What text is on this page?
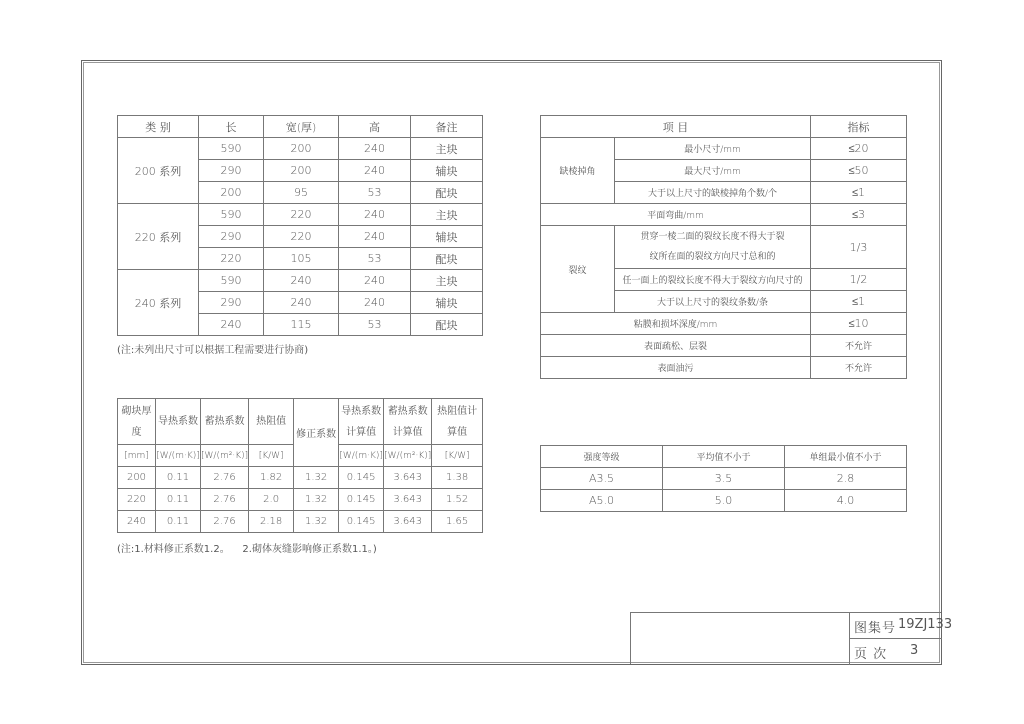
类 别	长	宽(厚)	高	备注
200 系列	590	200	240	主块
	290	200	240	辅块
	200	95	53	配块
220 系列	590	220	240	主块
	290	220	240	辅块
	220	105	53	配块
240 系列	590	240	240	主块
	290	240	240	辅块
	240	115	53	配块
(注:未列出尺寸可以根据工程需要进行协商)
项 目		指标
缺棱掉角	最小尺寸/mm	≤20
	最大尺寸/mm	≤50
	大于以上尺寸的缺棱掉角个数/个	≤1
平面弯曲/mm		≤3
裂纹	贯穿一棱二面的裂纹长度不得大于裂纹所在面的裂纹方向尺寸总和的	1/3
	任一面上的裂纹长度不得大于裂纹方向尺寸的	1/2
	大于以上尺寸的裂纹条数/条	≤1
粘膜和损坏深度/mm		≤10
表面疏松、层裂		不允许
表面油污		不允许
砌块厚度	导热系数	蓄热系数	热阻值	修正系数	导热系数计算值	蓄热系数计算值	热阻值计算值
[mm]	[W/(m·K)]	[W/(m²·K)]	[K/W]		[W/(m·K)]	[W/(m²·K)]	[K/W]
200	0.11	2.76	1.82	1.32	0.145	3.643	1.38
220	0.11	2.76	2.0	1.32	0.145	3.643	1.52
240	0.11	2.76	2.18	1.32	0.145	3.643	1.65
(注:1.材料修正系数1.2。    2.砌体灰缝影响修正系数1.1。)
强度等级	平均值不小于	单组最小值不小于
A3.5	3.5	2.8
A5.0	5.0	4.0
图集号 19ZJ133
页 次 3
